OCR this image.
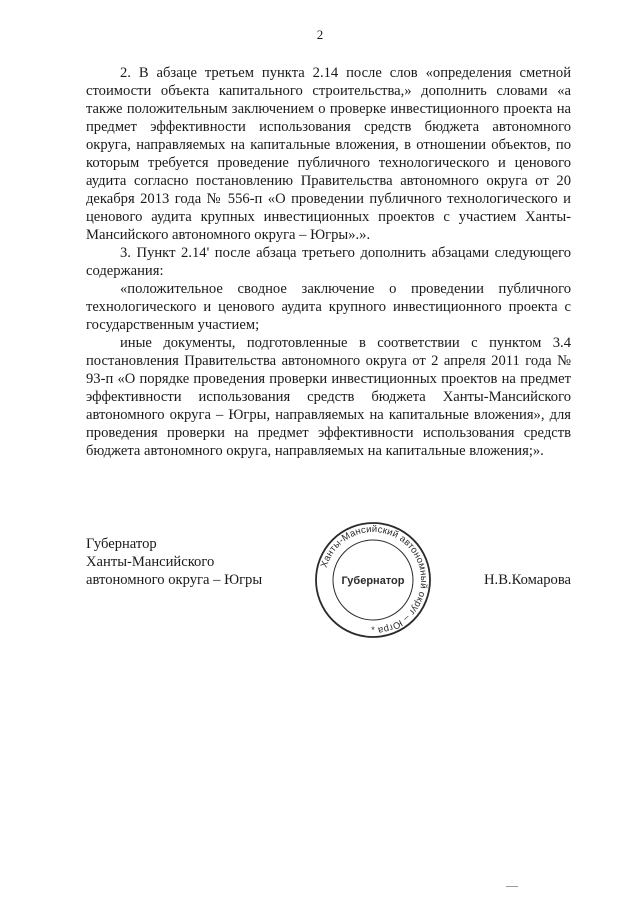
2

2. В абзаце третьем пункта 2.14 после слов «определения сметной стоимости объекта капитального строительства,» дополнить словами «а также положительным заключением о проверке инвестиционного проекта на предмет эффективности использования средств бюджета автономного округа, направляемых на капитальные вложения, в отношении объектов, по которым требуется проведение публичного технологического и ценового аудита согласно постановлению Правительства автономного округа от 20 декабря 2013 года № 556-п «О проведении публичного технологического и ценового аудита крупных инвестиционных проектов с участием Ханты-Мансийского автономного округа – Югры».».

3. Пункт 2.14' после абзаца третьего дополнить абзацами следующего содержания:

«положительное сводное заключение о проведении публичного технологического и ценового аудита крупного инвестиционного проекта с государственным участием;

иные документы, подготовленные в соответствии с пунктом 3.4 постановления Правительства автономного округа от 2 апреля 2011 года № 93-п «О порядке проведения проверки инвестиционных проектов на предмет эффективности использования средств бюджета Ханты-Мансийского автономного округа – Югры, направляемых на капитальные вложения», для проведения проверки на предмет эффективности использования средств бюджета автономного округа, направляемых на капитальные вложения;».

Губернатор
Ханты-Мансийского
автономного округа – Югры
Ханты-Мансийский автономный округ – Югра
Губернатор
*
Н.В.Комарова
